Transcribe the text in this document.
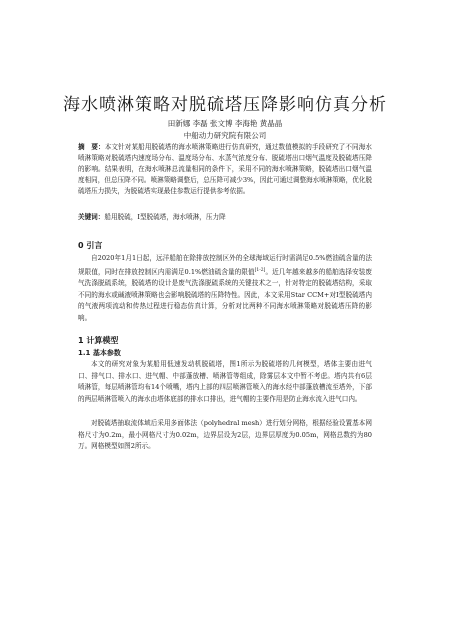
海水喷淋策略对脱硫塔压降影响仿真分析
田新娜 李磊 张文博 李海艳 黄晶晶
中船动力研究院有限公司
摘　要：本文针对某船用脱硫塔的海水喷淋策略进行仿真研究，通过数值模拟的手段研究了不同海水喷淋策略对脱硫塔内速度场分布、温度场分布、水蒸气浓度分布、脱硫塔出口烟气温度及脱硫塔压降的影响。结果表明，在海水喷淋总流量相同的条件下，采用不同的海水喷淋策略，脱硫塔出口烟气温度相同，但总压降不同。喷淋策略调整后，总压降可减少3%，因此可通过调整海水喷淋策略，优化脱硫塔压力损失，为脱硫塔实现最佳参数运行提供参考依据。
关键词：船用脱硫，I型脱硫塔，海水喷淋，压力降
0 引言
自2020年1月1日起，远洋船舶在除排放控制区外的全球海域运行时需满足0.5%燃油硫含量的法规限值，同时在排放控制区内需满足0.1%燃油硫含量的限值[1-2]。近几年越来越多的船舶选择安装废气洗涤脱硫系统，脱硫塔的设计是废气洗涤脱硫系统的关键技术之一，针对特定的脱硫塔结构，采取不同的海水或碱液喷淋策略也会影响脱硫塔的压降特性。因此，本文采用Star CCM+对I型脱硫塔内的气液两项流动和传热过程进行稳态仿真计算，分析对比两种不同海水喷淋策略对脱硫塔压降的影响。
1 计算模型
1.1 基本参数
本文的研究对象为某船用低速发动机脱硫塔，图1所示为脱硫塔的几何模型，塔体主要由进气口、排气口、排水口、进气帽、中部蓬放槽、喷淋管等组成，除雾层本文中暂不考虑。塔内共有6层喷淋管，每层喷淋管均布14个喷嘴，塔内上部的四层喷淋管喷入的海水经中部蓬放槽流至塔外，下部的两层喷淋管喷入的海水由塔体底部的排水口排出，进气帽的主要作用是防止海水流入进气口内。
对脱硫塔抽取流体域后采用多面体法（polyhedral mesh）进行划分网格，根据经验设置基本网格尺寸为0.2m，最小网格尺寸为0.02m，边界层设为2层，边界层厚度为0.05m，网格总数约为80万。网格模型如图2所示。
